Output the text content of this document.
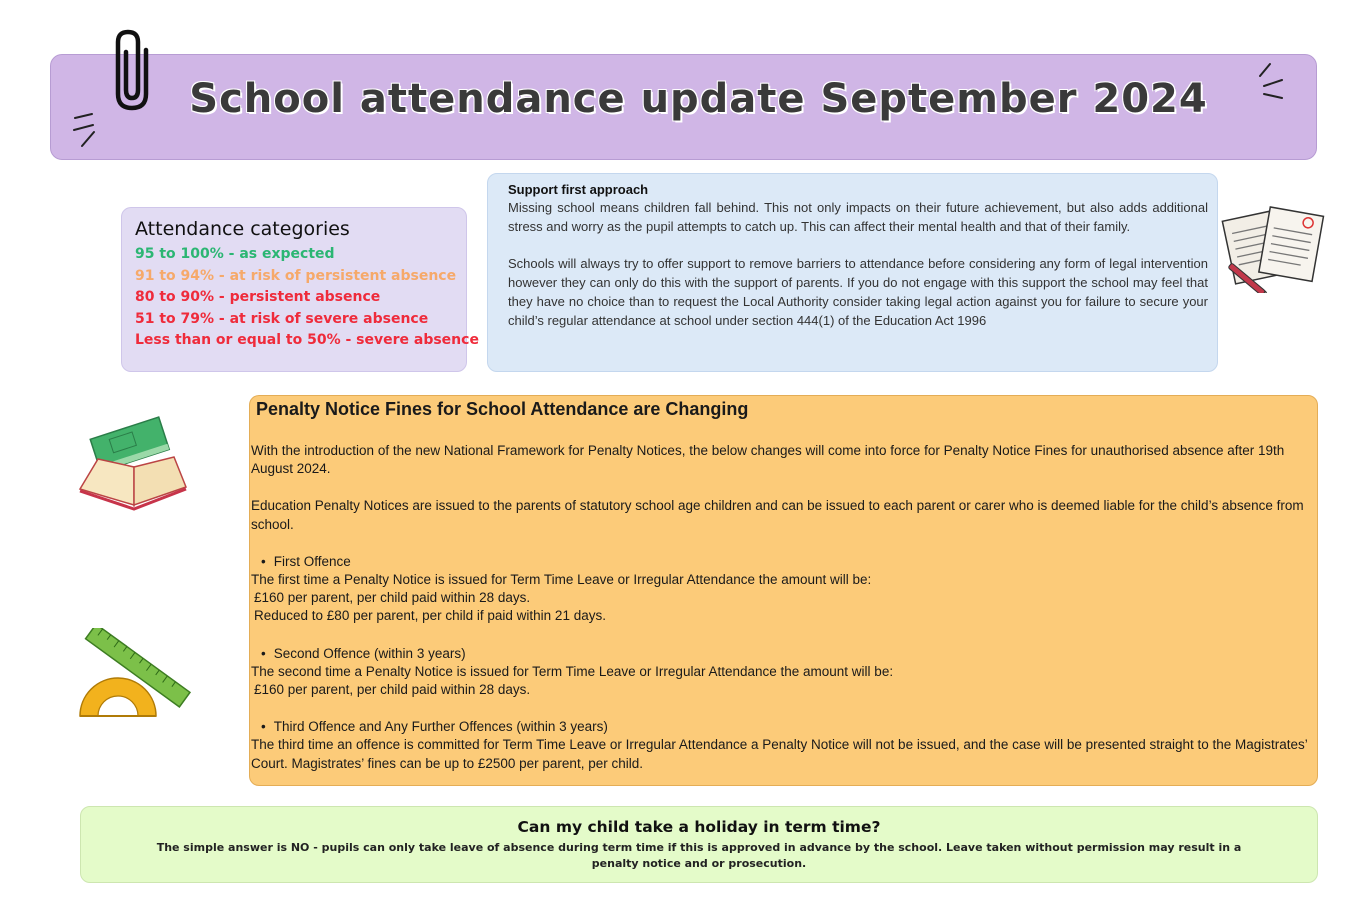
School attendance update September 2024
Attendance categories
95 to 100% - as expected
91 to 94% - at risk of persistent absence
80 to 90% - persistent absence
51 to 79% - at risk of severe absence
Less than or equal to 50% - severe absence
Support first approach

Missing school means children fall behind. This not only impacts on their future achievement, but also adds additional stress and worry as the pupil attempts to catch up. This can affect their mental health and that of their family.

Schools will always try to offer support to remove barriers to attendance before considering any form of legal intervention however they can only do this with the support of parents. If you do not engage with this support the school may feel that they have no choice than to request the Local Authority consider taking legal action against you for failure to secure your child’s regular attendance at school under section 444(1) of the Education Act 1996

Penalty Notice Fines for School Attendance are Changing

With the introduction of the new National Framework for Penalty Notices, the below changes will come into force for Penalty Notice Fines for unauthorised absence after 19th August 2024.

Education Penalty Notices are issued to the parents of statutory school age children and can be issued to each parent or carer who is deemed liable for the child’s absence from school.

• First Offence

The first time a Penalty Notice is issued for Term Time Leave or Irregular Attendance the amount will be:

£160 per parent, per child paid within 28 days.
Reduced to £80 per parent, per child if paid within 21 days.
• Second Offence (within 3 years)

The second time a Penalty Notice is issued for Term Time Leave or Irregular Attendance the amount will be:

£160 per parent, per child paid within 28 days.
• Third Offence and Any Further Offences (within 3 years)

The third time an offence is committed for Term Time Leave or Irregular Attendance a Penalty Notice will not be issued, and the case will be presented straight to the Magistrates’ Court. Magistrates’ fines can be up to £2500 per parent, per child.

Can my child take a holiday in term time?
The simple answer is NO - pupils can only take leave of absence during term time if this is approved in advance by the school. Leave taken without permission may result in a penalty notice and or prosecution.
